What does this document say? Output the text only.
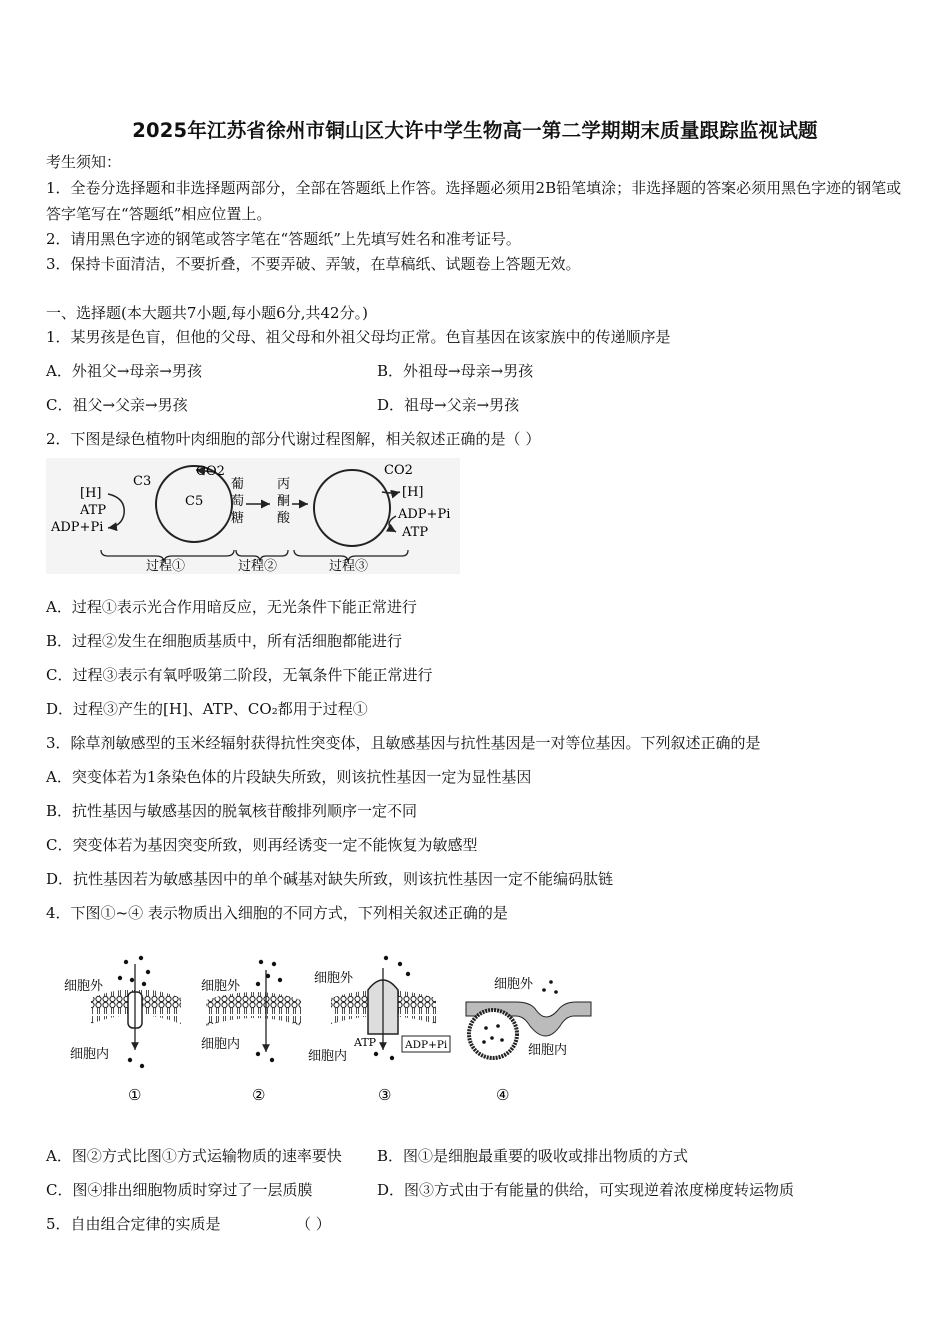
2025年江苏省徐州市铜山区大许中学生物高一第二学期期末质量跟踪监视试题
考生须知：
1．全卷分选择题和非选择题两部分，全部在答题纸上作答。选择题必须用2B铅笔填涂；非选择题的答案必须用黑色字迹的钢笔或答字笔写在“答题纸”相应位置上。
2．请用黑色字迹的钢笔或答字笔在“答题纸”上先填写姓名和准考证号。
3．保持卡面清洁，不要折叠，不要弄破、弄皱，在草稿纸、试题卷上答题无效。
一、选择题(本大题共7小题,每小题6分,共42分。)
1．某男孩是色盲，但他的父母、祖父母和外祖父母均正常。色盲基因在该家族中的传递顺序是
A．外祖父→母亲→男孩	B．外祖母→母亲→男孩
C．祖父→父亲→男孩	D．祖母→父亲→男孩
2．下图是绿色植物叶肉细胞的部分代谢过程图解，相关叙述正确的是（ ）
CO2
C3
C5
[H]
ATP
ADP+Pi
葡
萄
糖
丙
酮
酸
CO2
[H]
ADP+Pi
ATP
过程①	过程②	过程③
A．过程①表示光合作用暗反应，无光条件下能正常进行
B．过程②发生在细胞质基质中，所有活细胞都能进行
C．过程③表示有氧呼吸第二阶段，无氧条件下能正常进行
D．过程③产生的[H]、ATP、CO₂都用于过程①
3．除草剂敏感型的玉米经辐射获得抗性突变体，且敏感基因与抗性基因是一对等位基因。下列叙述正确的是
A．突变体若为1条染色体的片段缺失所致，则该抗性基因一定为显性基因
B．抗性基因与敏感基因的脱氧核苷酸排列顺序一定不同
C．突变体若为基因突变所致，则再经诱变一定不能恢复为敏感型
D．抗性基因若为敏感基因中的单个碱基对缺失所致，则该抗性基因一定不能编码肽链
4．下图①~④ 表示物质出入细胞的不同方式，下列相关叙述正确的是
细胞外
细胞内
①
细胞外
细胞内
②
细胞外
ATP	ADP+Pi
细胞内
③
细胞外
细胞内
④
A．图②方式比图①方式运输物质的速率要快 B．图①是细胞最重要的吸收或排出物质的方式
C．图④排出细胞物质时穿过了一层质膜	D．图③方式由于有能量的供给，可实现逆着浓度梯度转运物质
5．自由组合定律的实质是	（ ）
